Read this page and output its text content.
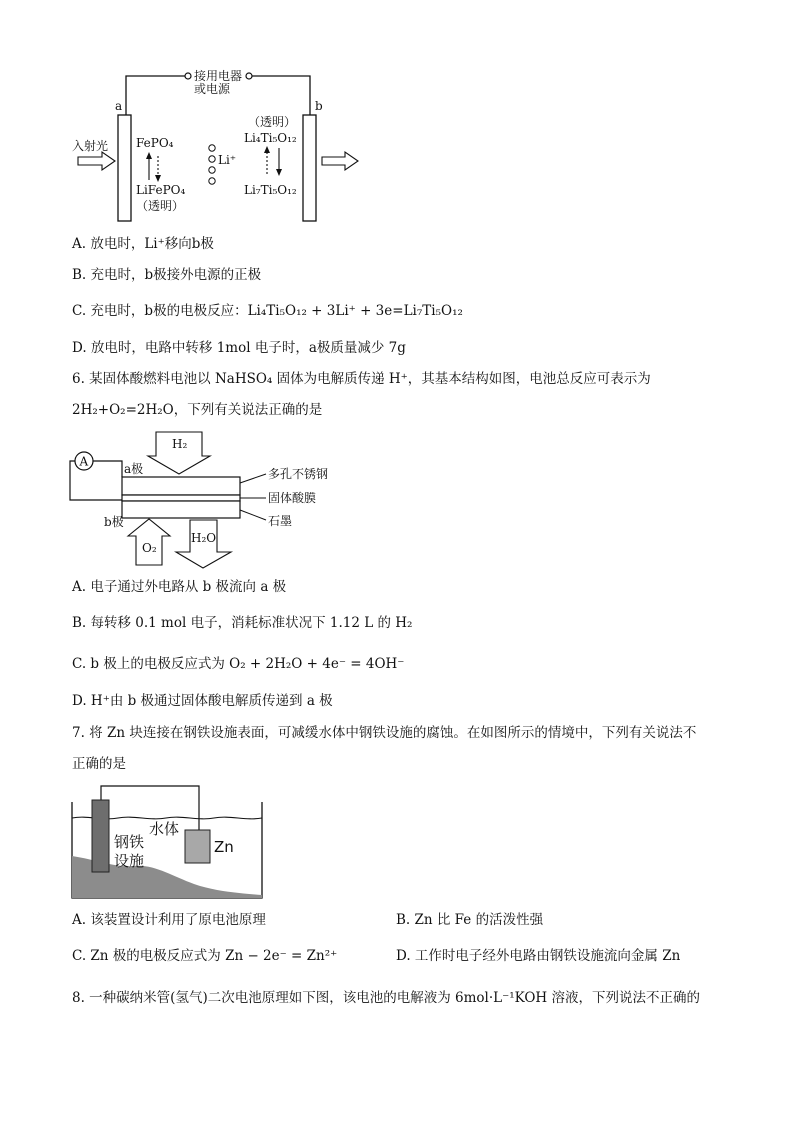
接用电器
或电源
a	b
入射光 FePO₄
LiFePO₄
（透明）
Li⁺
（透明）
Li₄Ti₅O₁₂
Li₇Ti₅O₁₂
A. 放电时，Li⁺移向b极
B. 充电时，b极接外电源的正极
C. 充电时，b极的电极反应：Li₄Ti₅O₁₂ + 3Li⁺ + 3e=Li₇Ti₅O₁₂
D. 放电时，电路中转移 1mol 电子时，a极质量减少 7g
6. 某固体酸燃料电池以 NaHSO₄ 固体为电解质传递 H⁺，其基本结构如图，电池总反应可表示为
2H₂+O₂=2H₂O，下列有关说法正确的是
A
a极
H₂
多孔不锈钢
固体酸膜
石墨
b极
O₂
H₂O
A. 电子通过外电路从 b 极流向 a 极
B. 每转移 0.1 mol 电子，消耗标准状况下 1.12 L 的 H₂
C. b 极上的电极反应式为 O₂ + 2H₂O + 4e⁻ = 4OH⁻
D. H⁺由 b 极通过固体酸电解质传递到 a 极
7. 将 Zn 块连接在钢铁设施表面，可减缓水体中钢铁设施的腐蚀。在如图所示的情境中，下列有关说法不
正确的是
水体
钢铁
设施
Zn
A. 该装置设计利用了原电池原理	B. Zn 比 Fe 的活泼性强
C. Zn 极的电极反应式为 Zn − 2e⁻ = Zn²⁺	D. 工作时电子经外电路由钢铁设施流向金属 Zn
8. 一种碳纳米管(氢气)二次电池原理如下图，该电池的电解液为 6mol·L⁻¹KOH 溶液，下列说法不正确的
